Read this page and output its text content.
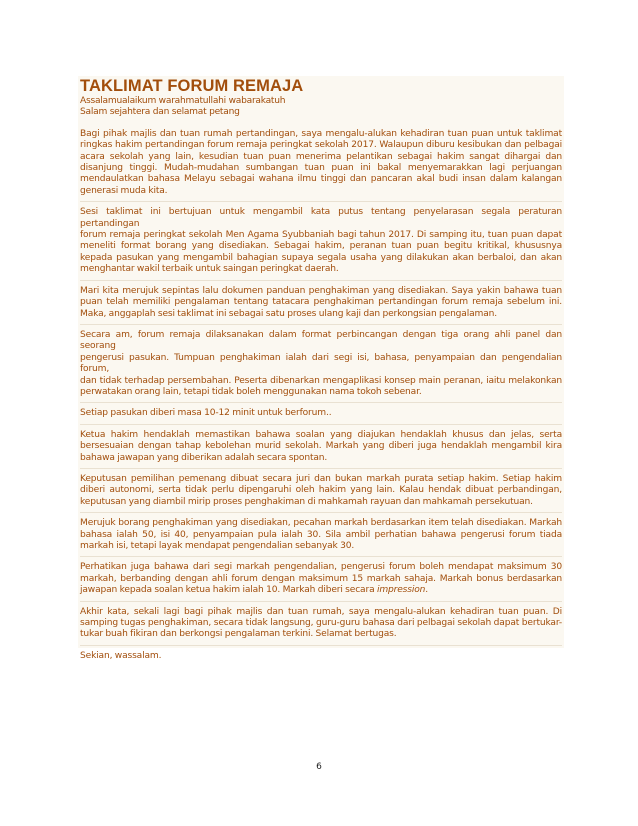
TAKLIMAT FORUM REMAJA

Assalamualaikum warahmatullahi wabarakatuh

Salam sejahtera dan selamat petang

Bagi pihak majlis dan tuan rumah pertandingan, saya mengalu-alukan kehadiran tuan puan untuk taklimat
ringkas hakim pertandingan forum remaja peringkat sekolah 2017. Walaupun diburu kesibukan dan pelbagai
acara sekolah yang lain, kesudian tuan puan menerima pelantikan sebagai hakim sangat dihargai dan
disanjung tinggi. Mudah-mudahan sumbangan tuan puan ini bakal menyemarakkan lagi perjuangan
mendaulatkan bahasa Melayu sebagai wahana ilmu tinggi dan pancaran akal budi insan dalam kalangan
generasi muda kita.
Sesi taklimat ini bertujuan untuk mengambil kata putus tentang penyelarasan segala peraturan pertandingan
forum remaja peringkat sekolah Men Agama Syubbaniah bagi tahun 2017. Di samping itu, tuan puan dapat
meneliti format borang yang disediakan. Sebagai hakim, peranan tuan puan begitu kritikal, khususnya
kepada pasukan yang mengambil bahagian supaya segala usaha yang dilakukan akan berbaloi, dan akan
menghantar wakil terbaik untuk saingan peringkat daerah.
Mari kita merujuk sepintas lalu dokumen panduan penghakiman yang disediakan. Saya yakin bahawa tuan
puan telah memiliki pengalaman tentang tatacara penghakiman pertandingan forum remaja sebelum ini.
Maka, anggaplah sesi taklimat ini sebagai satu proses ulang kaji dan perkongsian pengalaman.
Secara am, forum remaja dilaksanakan dalam format perbincangan dengan tiga orang ahli panel dan seorang
pengerusi pasukan. Tumpuan penghakiman ialah dari segi isi, bahasa, penyampaian dan pengendalian forum,
dan tidak terhadap persembahan. Peserta dibenarkan mengaplikasi konsep main peranan, iaitu melakonkan
perwatakan orang lain, tetapi tidak boleh menggunakan nama tokoh sebenar.
Setiap pasukan diberi masa 10-12 minit untuk berforum..
Ketua hakim hendaklah memastikan bahawa soalan yang diajukan hendaklah khusus dan jelas, serta
bersesuaian dengan tahap kebolehan murid sekolah. Markah yang diberi juga hendaklah mengambil kira
bahawa jawapan yang diberikan adalah secara spontan.
Keputusan pemilihan pemenang dibuat secara juri dan bukan markah purata setiap hakim. Setiap hakim
diberi autonomi, serta tidak perlu dipengaruhi oleh hakim yang lain. Kalau hendak dibuat perbandingan,
keputusan yang diambil mirip proses penghakiman di mahkamah rayuan dan mahkamah persekutuan.
Merujuk borang penghakiman yang disediakan, pecahan markah berdasarkan item telah disediakan. Markah
bahasa ialah 50, isi 40, penyampaian pula ialah 30. Sila ambil perhatian bahawa pengerusi forum tiada
markah isi, tetapi layak mendapat pengendalian sebanyak 30.
Perhatikan juga bahawa dari segi markah pengendalian, pengerusi forum boleh mendapat maksimum 30
markah, berbanding dengan ahli forum dengan maksimum 15 markah sahaja. Markah bonus berdasarkan
jawapan kepada soalan ketua hakim ialah 10. Markah diberi secara impression.
Akhir kata, sekali lagi bagi pihak majlis dan tuan rumah, saya mengalu-alukan kehadiran tuan puan. Di
samping tugas penghakiman, secara tidak langsung, guru-guru bahasa dari pelbagai sekolah dapat bertukar-
tukar buah fikiran dan berkongsi pengalaman terkini. Selamat bertugas.
Sekian, wassalam.
6
